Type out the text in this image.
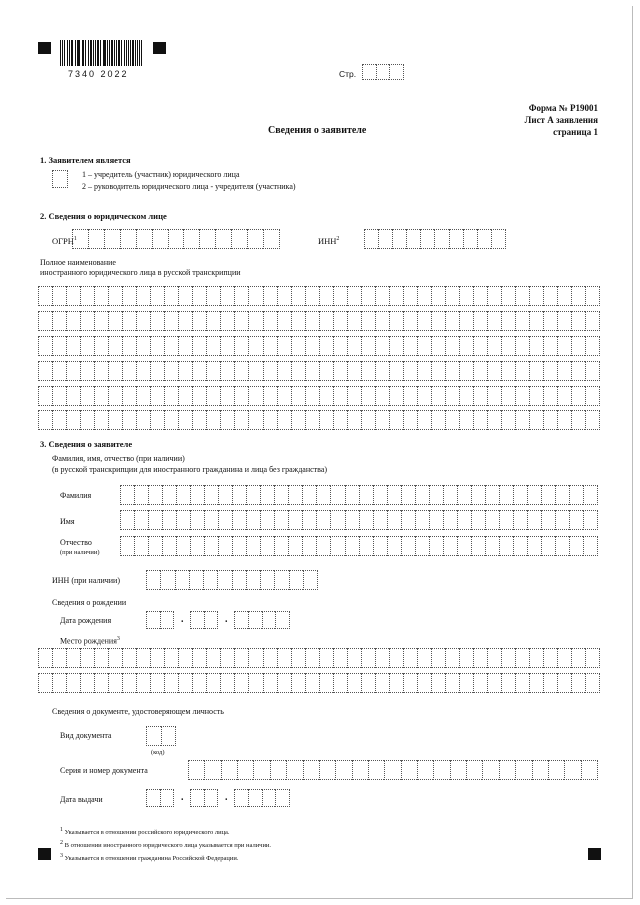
7340 2022	Стр.
Форма № Р19001
Лист А заявления
страница 1
Сведения о заявителе
1. Заявителем является
1 – учредитель (участник) юридического лица
2 – руководитель юридического лица - учредителя (участника)
2. Сведения о юридическом лице
ОГРН$^1$	ИНН$^2$
Полное наименование
иностранного юридического лица в русской транскрипции
3. Сведения о заявителе
Фамилия, имя, отчество (при наличии)
(в русской транскрипции для иностранного гражданина и лица без гражданства)
Фамилия
Имя
Отчество
(при наличии)
ИНН (при наличии)
Сведения о рождении
Дата рождения	.	.
Место рождения$^3$
Сведения о документе, удостоверяющем личность
Вид документа
(код)
Серия и номер документа
Дата выдачи	.	.
$^1$ Указывается в отношении российского юридического лица.
$^2$ В отношении иностранного юридического лица указывается при наличии.
$^3$ Указывается в отношении гражданина Российской Федерации.
